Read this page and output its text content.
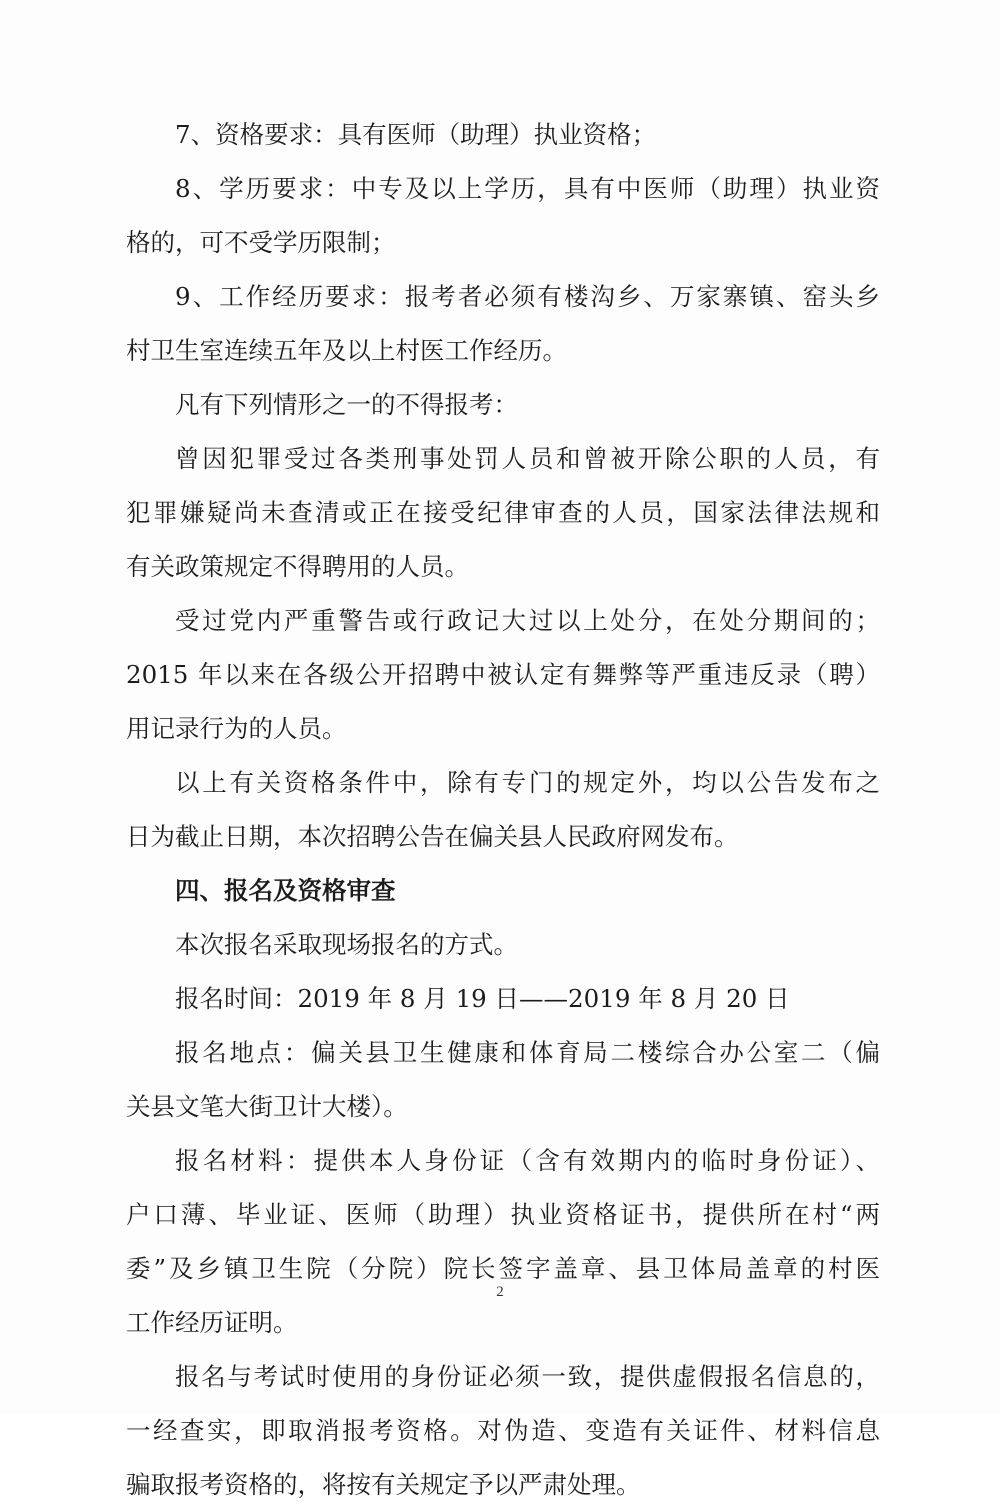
7、资格要求：具有医师（助理）执业资格；
8、学历要求：中专及以上学历，具有中医师（助理）执业资
格的，可不受学历限制；
9、工作经历要求：报考者必须有楼沟乡、万家寨镇、窑头乡
村卫生室连续五年及以上村医工作经历。
凡有下列情形之一的不得报考：
曾因犯罪受过各类刑事处罚人员和曾被开除公职的人员，有
犯罪嫌疑尚未查清或正在接受纪律审查的人员，国家法律法规和
有关政策规定不得聘用的人员。
受过党内严重警告或行政记大过以上处分，在处分期间的；
2015 年以来在各级公开招聘中被认定有舞弊等严重违反录（聘）
用记录行为的人员。
以上有关资格条件中，除有专门的规定外，均以公告发布之
日为截止日期，本次招聘公告在偏关县人民政府网发布。
四、报名及资格审查
本次报名采取现场报名的方式。
报名时间：2019 年 8 月 19 日——2019 年 8 月 20 日
报名地点：偏关县卫生健康和体育局二楼综合办公室二（偏
关县文笔大街卫计大楼）。
报名材料：提供本人身份证（含有效期内的临时身份证）、
户口薄、毕业证、医师（助理）执业资格证书，提供所在村“两
委”及乡镇卫生院（分院）院长签字盖章、县卫体局盖章的村医
工作经历证明。
报名与考试时使用的身份证必须一致，提供虚假报名信息的，
一经查实，即取消报考资格。对伪造、变造有关证件、材料信息
骗取报考资格的，将按有关规定予以严肃处理。
2
